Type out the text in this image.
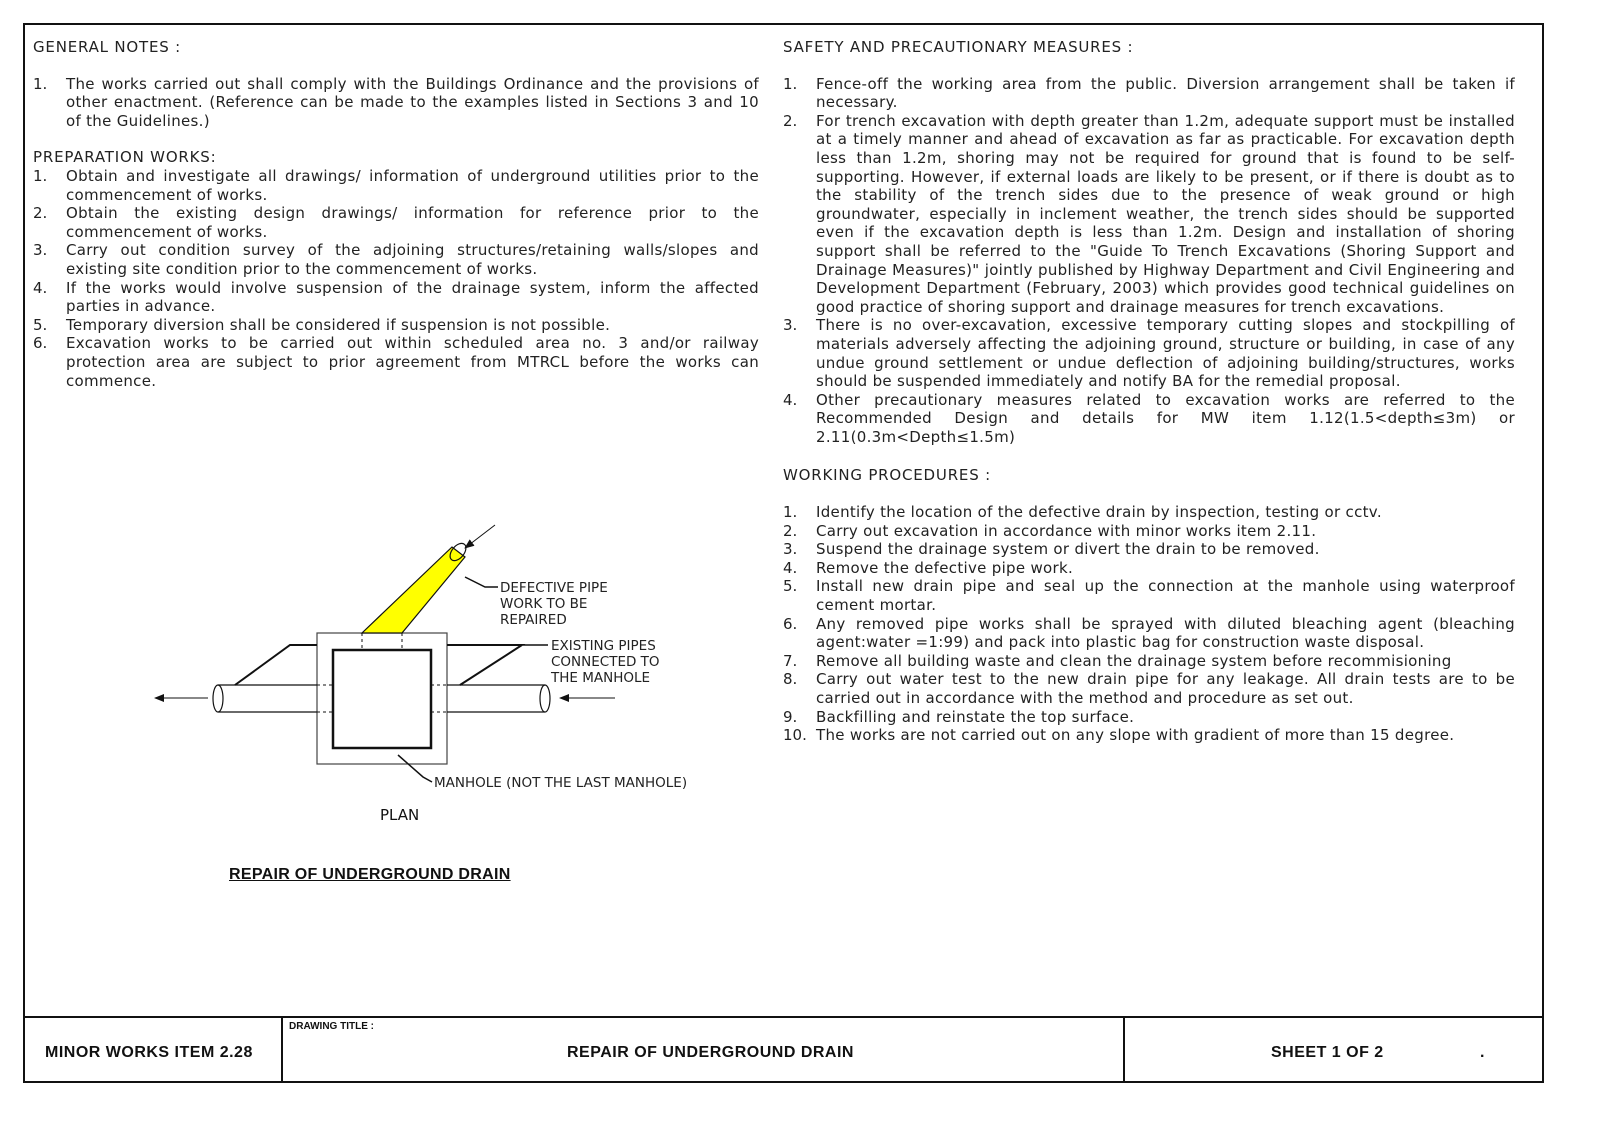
GENERAL NOTES :
1.	The works carried out shall comply with the Buildings Ordinance and the provisions of other enactment. (Reference can be made to the examples listed in Sections 3 and 10 of the Guidelines.)
PREPARATION WORKS:
1.	Obtain and investigate all drawings/ information of underground utilities prior to the commencement of works.
2.	Obtain the existing design drawings/ information for reference prior to the commencement of works.
3.	Carry out condition survey of the adjoining structures/retaining walls/slopes and existing site condition prior to the commencement of works.
4.	If the works would involve suspension of the drainage system, inform the affected parties in advance.
5.	Temporary diversion shall be considered if suspension is not possible.
6.	Excavation works to be carried out within scheduled area no. 3 and/or railway protection area are subject to prior agreement from MTRCL before the works can commence.
SAFETY AND PRECAUTIONARY MEASURES :
1.	Fence-off the working area from the public. Diversion arrangement shall be taken if necessary.
2.	For trench excavation with depth greater than 1.2m, adequate support must be installed at a timely manner and ahead of excavation as far as practicable. For excavation depth less than 1.2m, shoring may not be required for ground that is found to be self-supporting. However, if external loads are likely to be present, or if there is doubt as to the stability of the trench sides due to the presence of weak ground or high groundwater, especially in inclement weather, the trench sides should be supported even if the excavation depth is less than 1.2m. Design and installation of shoring support shall be referred to the "Guide To Trench Excavations (Shoring Support and Drainage Measures)" jointly published by Highway Department and Civil Engineering and Development Department (February, 2003) which provides good technical guidelines on good practice of shoring support and drainage measures for trench excavations.
3.	There is no over-excavation, excessive temporary cutting slopes and stockpilling of materials adversely affecting the adjoining ground, structure or building, in case of any undue ground settlement or undue deflection of adjoining building/structures, works should be suspended immediately and notify BA for the remedial proposal.
4.	Other precautionary measures related to excavation works are referred to the Recommended Design and details for MW item 1.12(1.5<depth≤3m) or 2.11(0.3m<Depth≤1.5m)
WORKING PROCEDURES :
1.	Identify the location of the defective drain by inspection, testing or cctv.
2.	Carry out excavation in accordance with minor works item 2.11.
3.	Suspend the drainage system or divert the drain to be removed.
4.	Remove the defective pipe work.
5.	Install new drain pipe and seal up the connection at the manhole using waterproof cement mortar.
6.	Any removed pipe works shall be sprayed with diluted bleaching agent (bleaching agent:water =1:99) and pack into plastic bag for construction waste disposal.
7.	Remove all building waste and clean the drainage system before recommisioning
8.	Carry out water test to the new drain pipe for any leakage. All drain tests are to be carried out in accordance with the method and procedure as set out.
9.	Backfilling and reinstate the top surface.
10. The works are not carried out on any slope with gradient of more than 15 degree.
DEFECTIVE PIPE
WORK TO BE
REPAIRED
EXISTING PIPES
CONNECTED TO
THE MANHOLE
MANHOLE (NOT THE LAST MANHOLE)
PLAN
REPAIR OF UNDERGROUND DRAIN
MINOR WORKS ITEM 2.28
DRAWING TITLE :
REPAIR OF UNDERGROUND DRAIN	SHEET 1 OF 2	.
